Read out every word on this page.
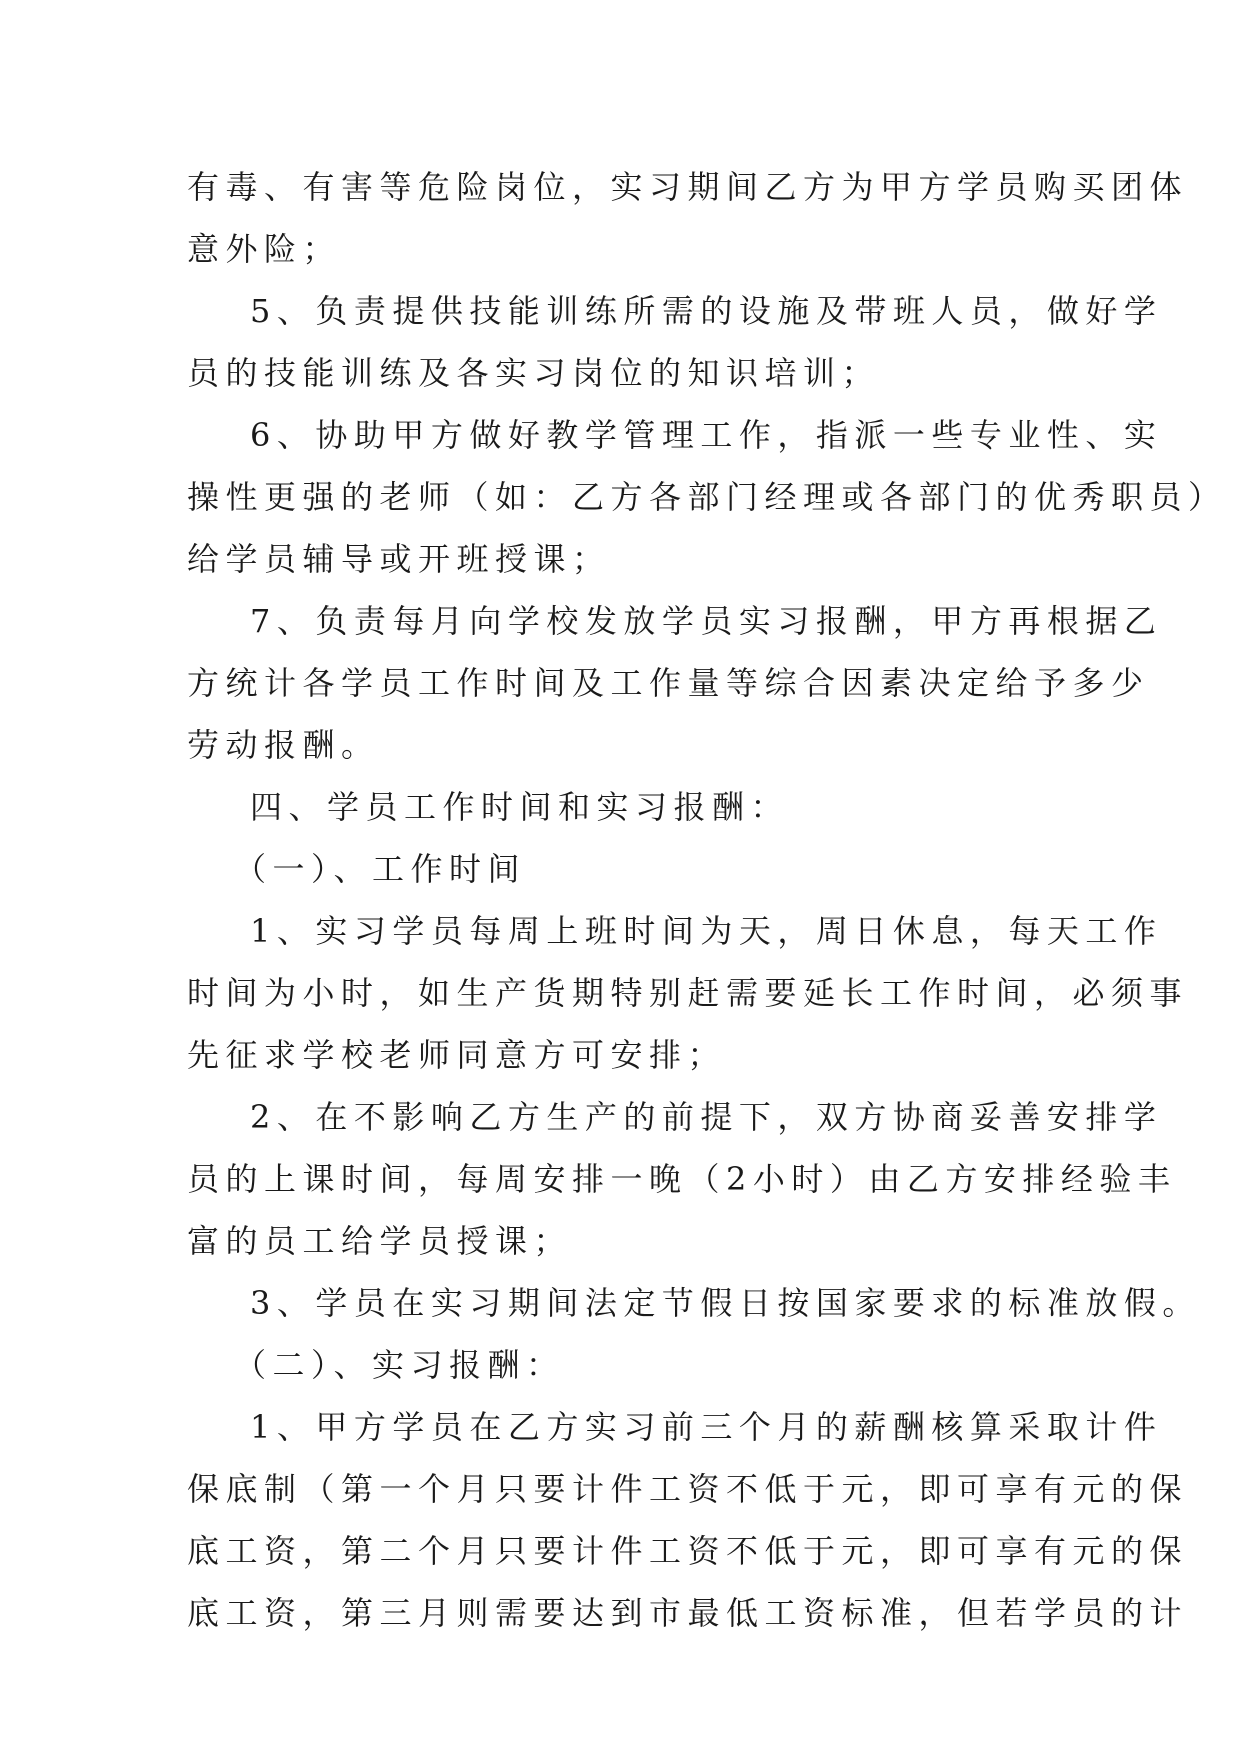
有毒、有害等危险岗位，实习期间乙方为甲方学员购买团体
意外险；
5、负责提供技能训练所需的设施及带班人员，做好学
员的技能训练及各实习岗位的知识培训；
6、协助甲方做好教学管理工作，指派一些专业性、实
操性更强的老师（如：乙方各部门经理或各部门的优秀职员）
给学员辅导或开班授课；
7、负责每月向学校发放学员实习报酬，甲方再根据乙
方统计各学员工作时间及工作量等综合因素决定给予多少
劳动报酬。
四、学员工作时间和实习报酬：
（一）、工作时间
1、实习学员每周上班时间为天，周日休息，每天工作
时间为小时，如生产货期特别赶需要延长工作时间，必须事
先征求学校老师同意方可安排；
2、在不影响乙方生产的前提下，双方协商妥善安排学
员的上课时间，每周安排一晚（2小时）由乙方安排经验丰
富的员工给学员授课；
3、学员在实习期间法定节假日按国家要求的标准放假。
（二）、实习报酬：
1、甲方学员在乙方实习前三个月的薪酬核算采取计件
保底制（第一个月只要计件工资不低于元，即可享有元的保
底工资，第二个月只要计件工资不低于元，即可享有元的保
底工资，第三月则需要达到市最低工资标准，但若学员的计
